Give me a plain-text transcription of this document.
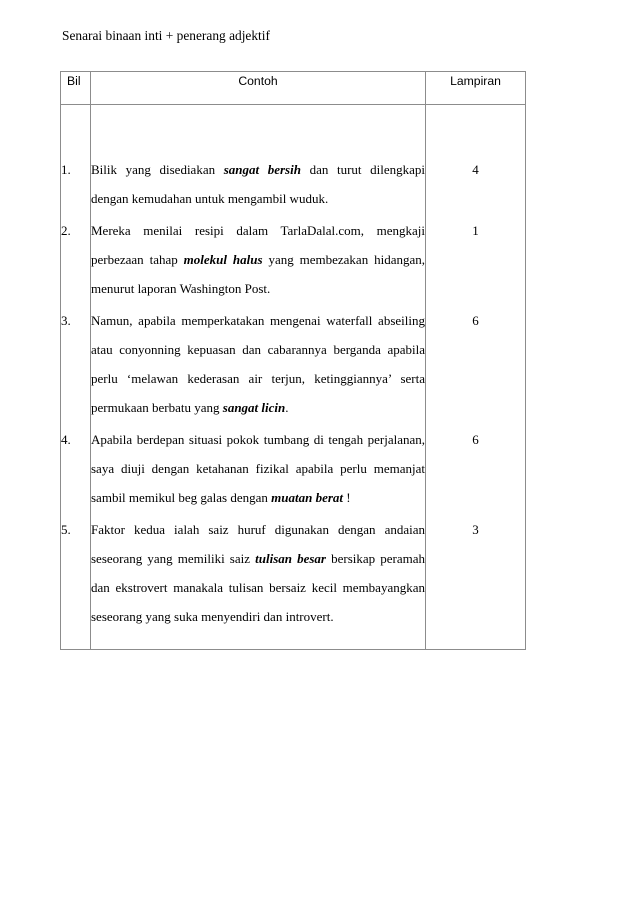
Senarai binaan inti + penerang adjektif
Bil	Contoh	Lampiran

1.	Bilik yang disediakan sangat bersih dan turut dilengkapi
dengan kemudahan untuk mengambil wuduk.	4

2.	Mereka menilai resipi dalam TarlaDalal.com, mengkaji
perbezaan tahap molekul halus yang membezakan hidangan,
menurut laporan Washington Post.	1

3.	Namun, apabila memperkatakan mengenai waterfall abseiling
atau conyonning kepuasan dan cabarannya berganda apabila
perlu ‘melawan kederasan air terjun, ketinggiannya’ serta
permukaan berbatu yang sangat licin.	6

4.	Apabila berdepan situasi pokok tumbang di tengah perjalanan,
saya diuji dengan ketahanan fizikal apabila perlu memanjat
sambil memikul beg galas dengan muatan berat !	6

5.	Faktor kedua ialah saiz huruf digunakan dengan andaian
seseorang yang memiliki saiz tulisan besar bersikap peramah
dan ekstrovert manakala tulisan bersaiz kecil membayangkan
seseorang yang suka menyendiri dan introvert.	3
